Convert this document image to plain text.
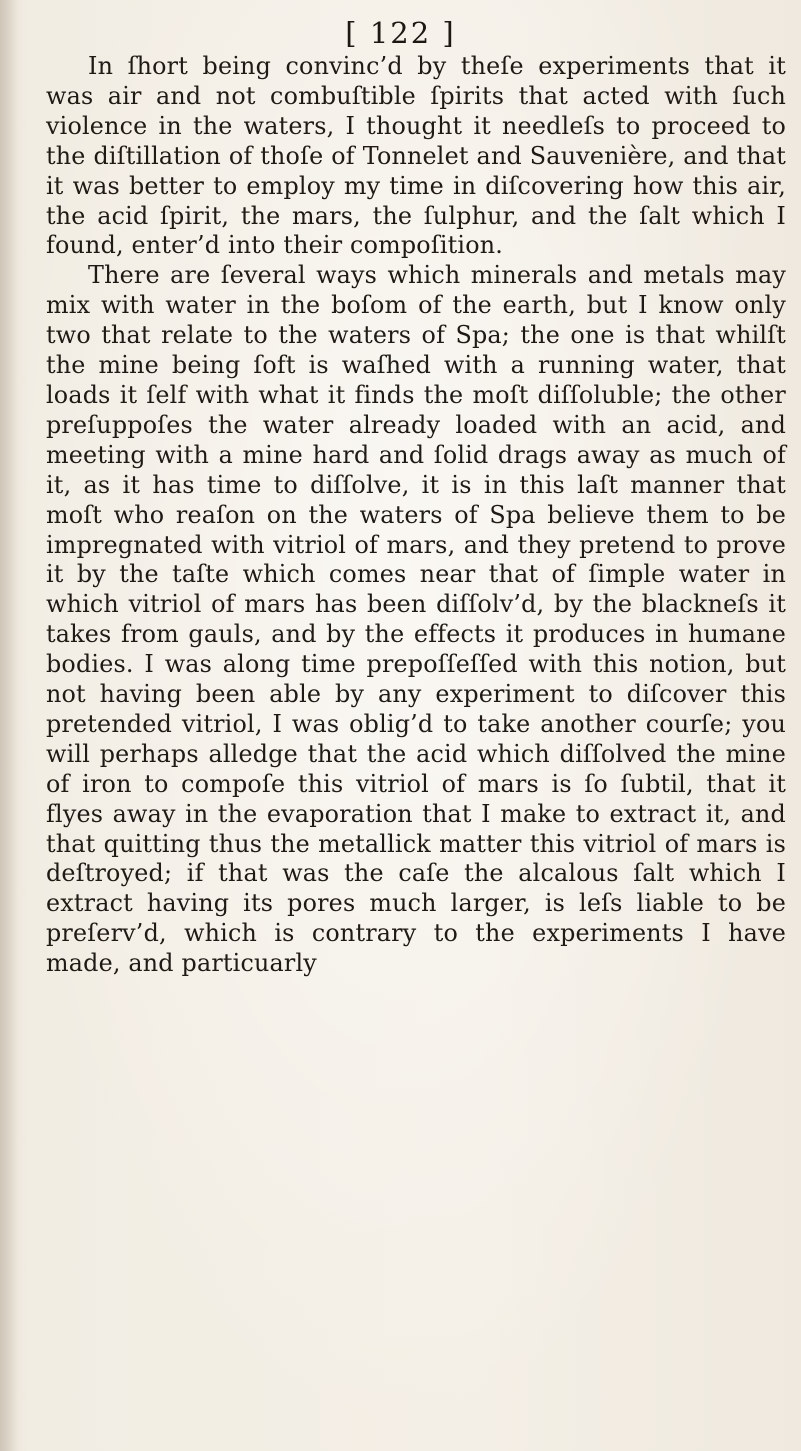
[ 122 ]

In ſhort being convinc’d by theſe experiments that it was air and not combuſtible ſpirits that acted with ſuch violence in the waters, I thought it needleſs to proceed to the diſtillation of thoſe of Tonnelet and Sauvenière, and that it was better to employ my time in diſcovering how this air, the acid ſpirit, the mars, the ſulphur, and the ſalt which I found, enter’d into their compoſition.

There are ſeveral ways which minerals and metals may mix with water in the boſom of the earth, but I know only two that relate to the waters of Spa; the one is that whilſt the mine being ſoft is waſhed with a running water, that loads it ſelf with what it finds the moſt diſſoluble; the other preſuppoſes the water already loaded with an acid, and meeting with a mine hard and ſolid drags away as much of it, as it has time to diſſolve, it is in this laſt manner that moſt who reaſon on the waters of Spa believe them to be impregnated with vitriol of mars, and they pretend to prove it by the taſte which comes near that of ſimple water in which vitriol of mars has been diſſolv’d, by the blackneſs it takes from gauls, and by the effects it produces in humane bodies. I was along time prepoſſeſſed with this notion, but not having been able by any experiment to diſcover this pretended vitriol, I was oblig’d to take another courſe; you will perhaps alledge that the acid which diſſolved the mine of iron to compoſe this vitriol of mars is ſo ſubtil, that it flyes away in the evaporation that I make to extract it, and that quitting thus the metallick matter this vitriol of mars is deſtroyed; if that was the caſe the alcalous ſalt which I extract having its pores much larger, is leſs liable to be preſerv’d, which is contrary to the experiments I have made, and particuarly
